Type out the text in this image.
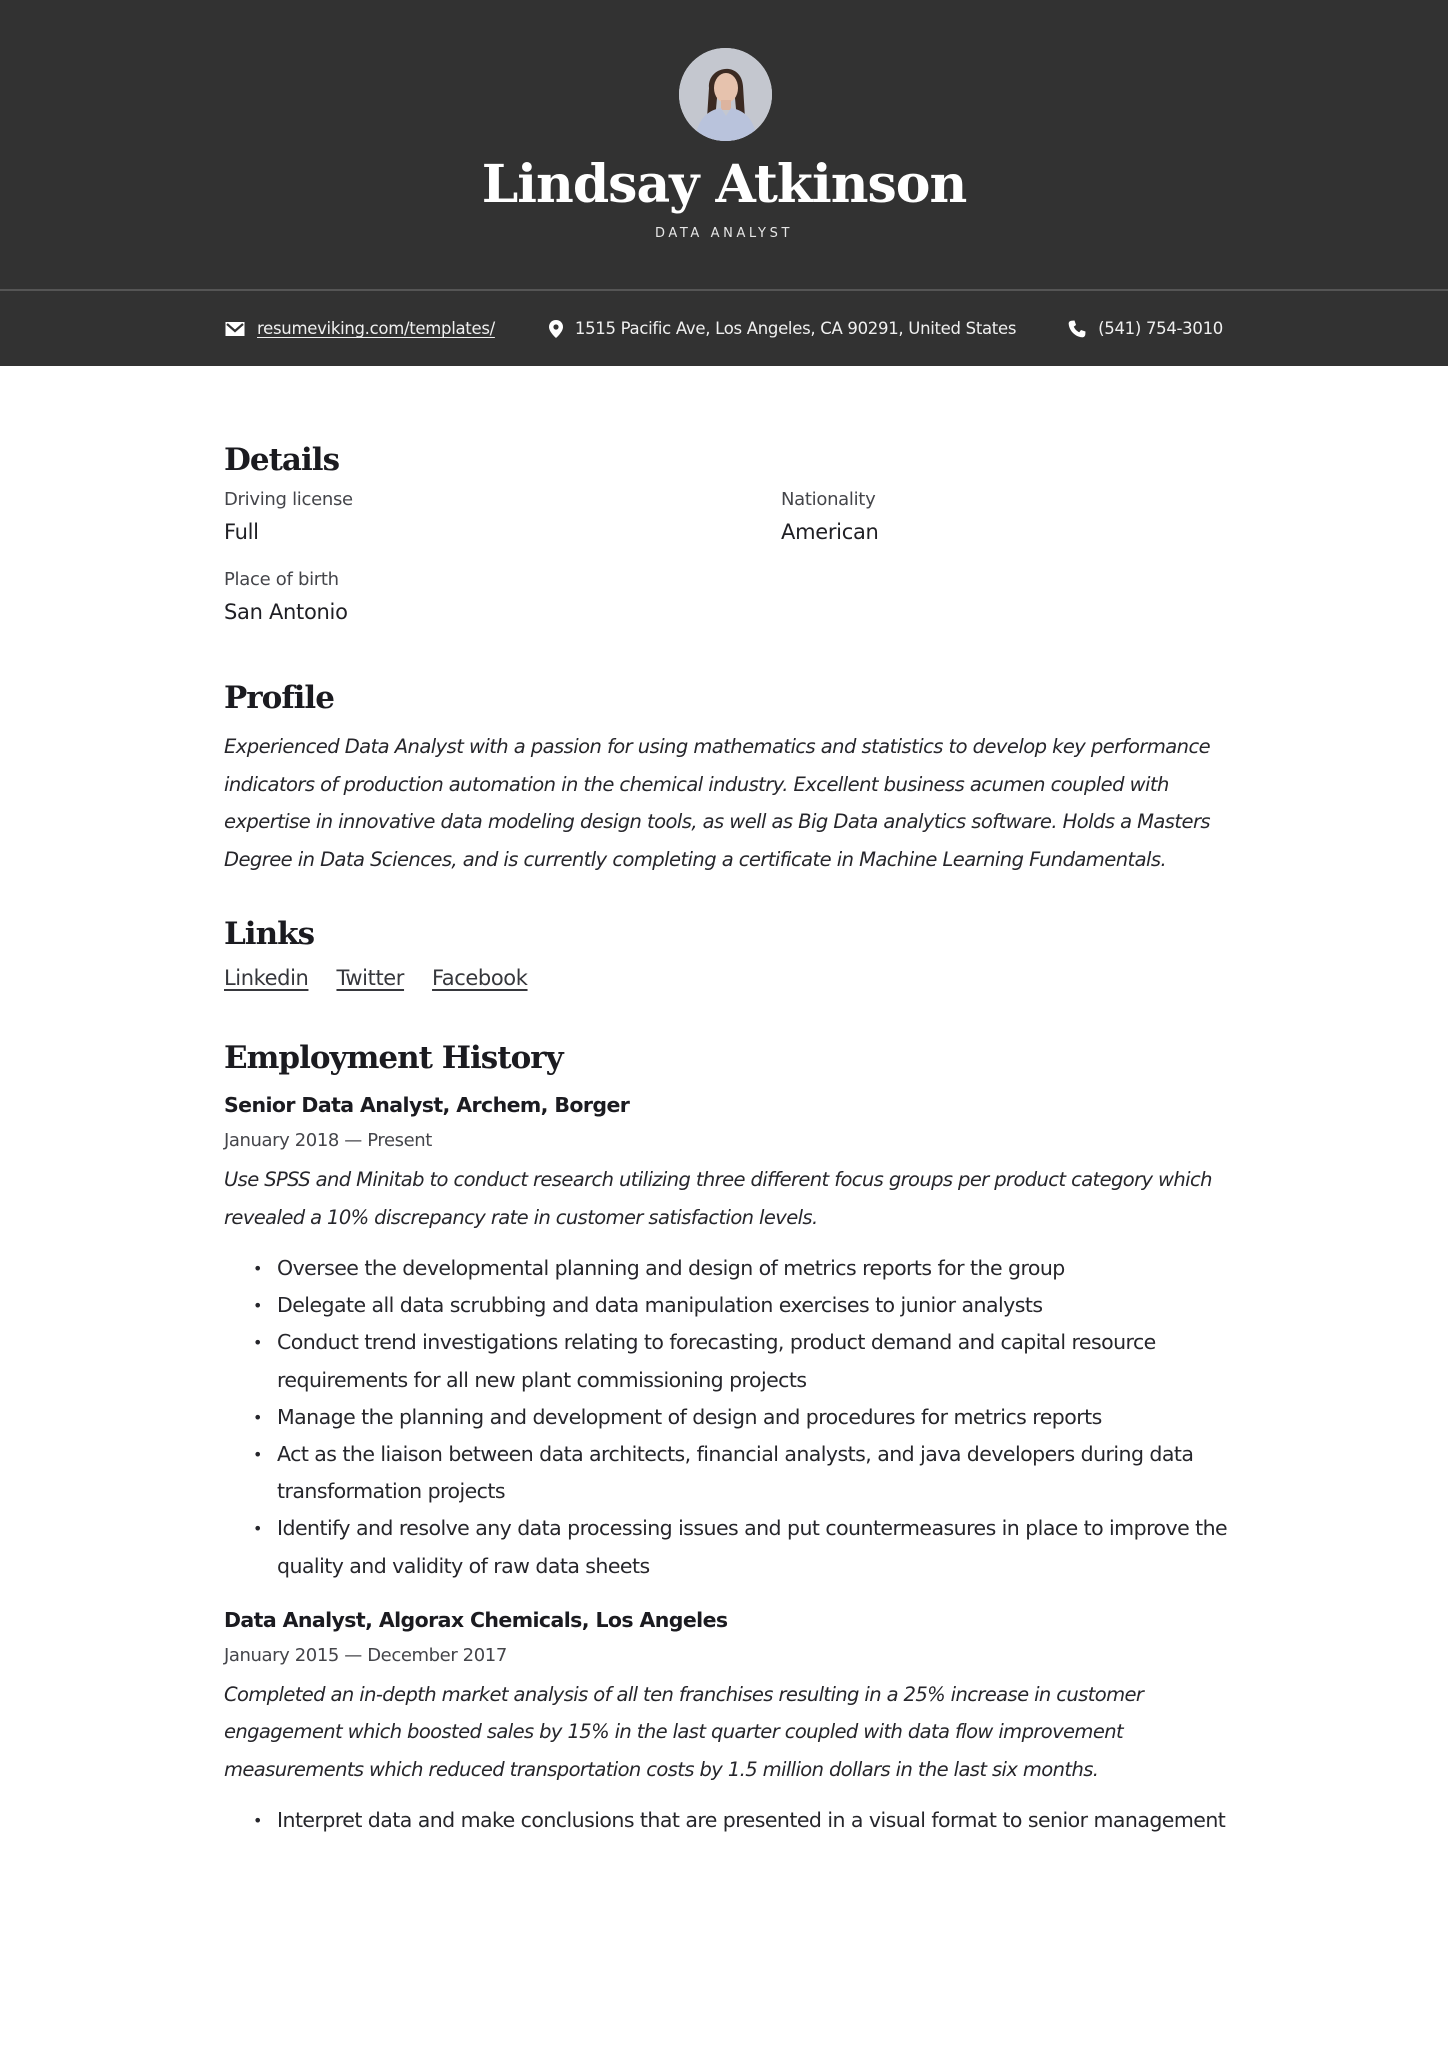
Lindsay Atkinson
DATA ANALYST
resumeviking.com/templates/	1515 Pacific Ave, Los Angeles, CA 90291, United States	(541) 754-3010
Details
Driving license
Full
Nationality
American
Place of birth
San Antonio
Profile

Experienced Data Analyst with a passion for using mathematics and statistics to develop key performance indicators of production automation in the chemical industry. Excellent business acumen coupled with expertise in innovative data modeling design tools, as well as Big Data analytics software. Holds a Masters Degree in Data Sciences, and is currently completing a certificate in Machine Learning Fundamentals.

Links
Linkedin Twitter Facebook
Employment History
Senior Data Analyst, Archem, Borger
January 2018 — Present

Use SPSS and Minitab to conduct research utilizing three different focus groups per product category which revealed a 10% discrepancy rate in customer satisfaction levels.

• Oversee the developmental planning and design of metrics reports for the group
• Delegate all data scrubbing and data manipulation exercises to junior analysts
• Conduct trend investigations relating to forecasting, product demand and capital resource requirements for all new plant commissioning projects
• Manage the planning and development of design and procedures for metrics reports
• Act as the liaison between data architects, financial analysts, and java developers during data transformation projects
• Identify and resolve any data processing issues and put countermeasures in place to improve the quality and validity of raw data sheets
Data Analyst, Algorax Chemicals, Los Angeles
January 2015 — December 2017

Completed an in-depth market analysis of all ten franchises resulting in a 25% increase in customer engagement which boosted sales by 15% in the last quarter coupled with data flow improvement measurements which reduced transportation costs by 1.5 million dollars in the last six months.

• Interpret data and make conclusions that are presented in a visual format to senior management
